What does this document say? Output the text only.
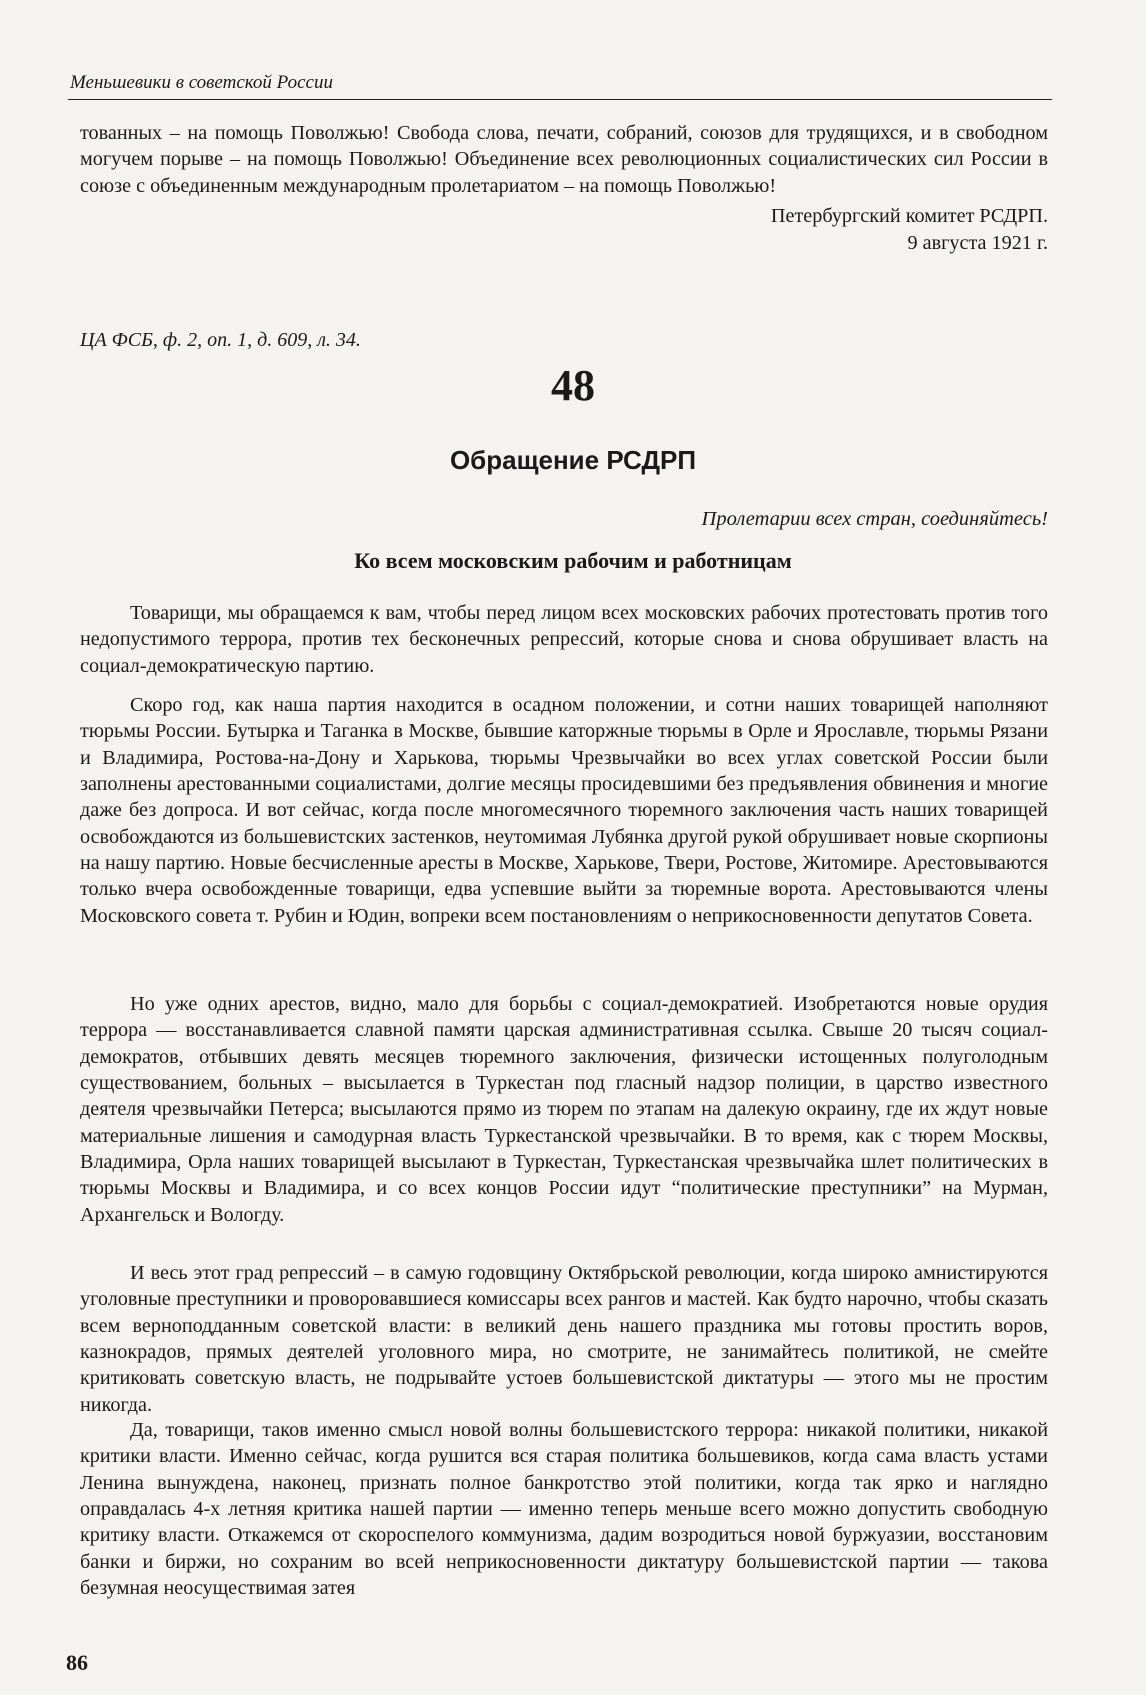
Меньшевики в советской России

тованных – на помощь Поволжью! Свобода слова, печати, собраний, союзов для трудящихся, и в свободном могучем порыве – на помощь Поволжью! Объединение всех революционных социалистических сил России в союзе с объединенным международным пролетариатом – на помощь Поволжью!

Петербургский комитет РСДРП.

9 августа 1921 г.

ЦА ФСБ, ф. 2, оп. 1, д. 609, л. 34.
48
Обращение РСДРП
Пролетарии всех стран, соединяйтесь!
Ко всем московским рабочим и работницам

Товарищи, мы обращаемся к вам, чтобы перед лицом всех московских рабочих протестовать против того недопустимого террора, против тех бесконечных репрессий, которые снова и снова обрушивает власть на социал-демократическую партию.

Скоро год, как наша партия находится в осадном положении, и сотни наших товарищей наполняют тюрьмы России. Бутырка и Таганка в Москве, бывшие каторжные тюрьмы в Орле и Ярославле, тюрьмы Рязани и Владимира, Ростова-на-Дону и Харькова, тюрьмы Чрезвычайки во всех углах советской России были заполнены арестованными социалистами, долгие месяцы просидевшими без предъявления обвинения и многие даже без допроса. И вот сейчас, когда после многомесячного тюремного заключения часть наших товарищей освобождаются из большевистских застенков, неутомимая Лубянка другой рукой обрушивает новые скорпионы на нашу партию. Новые бесчисленные аресты в Москве, Харькове, Твери, Ростове, Житомире. Арестовываются только вчера освобожденные товарищи, едва успевшие выйти за тюремные ворота. Арестовываются члены Московского совета т. Рубин и Юдин, вопреки всем постановлениям о неприкосновенности депутатов Совета.

Но уже одних арестов, видно, мало для борьбы с социал-демократией. Изобретаются новые орудия террора — восстанавливается славной памяти царская административная ссылка. Свыше 20 тысяч социал-демократов, отбывших девять месяцев тюремного заключения, физически истощенных полуголодным существованием, больных – высылается в Туркестан под гласный надзор полиции, в царство известного деятеля чрезвычайки Петерса; высылаются прямо из тюрем по этапам на далекую окраину, где их ждут новые материальные лишения и самодурная власть Туркестанской чрезвычайки. В то время, как с тюрем Москвы, Владимира, Орла наших товарищей высылают в Туркестан, Туркестанская чрезвычайка шлет политических в тюрьмы Москвы и Владимира, и со всех концов России идут “политические преступники” на Мурман, Архангельск и Вологду.

И весь этот град репрессий – в самую годовщину Октябрьской революции, когда широко амнистируются уголовные преступники и проворовавшиеся комиссары всех рангов и мастей. Как будто нарочно, чтобы сказать всем верноподданным советской власти: в великий день нашего праздника мы готовы простить воров, казнокрадов, прямых деятелей уголовного мира, но смотрите, не занимайтесь политикой, не смейте критиковать советскую власть, не подрывайте устоев большевистской диктатуры — этого мы не простим никогда.

Да, товарищи, таков именно смысл новой волны большевистского террора: никакой политики, никакой критики власти. Именно сейчас, когда рушится вся старая политика большевиков, когда сама власть устами Ленина вынуждена, наконец, признать полное банкротство этой политики, когда так ярко и наглядно оправдалась 4-х летняя критика нашей партии — именно теперь меньше всего можно допустить свободную критику власти. Откажемся от скороспелого коммунизма, дадим возродиться новой буржуазии, восстановим банки и биржи, но сохраним во всей неприкосновенности диктатуру большевистской партии — такова безумная неосуществимая затея

86
